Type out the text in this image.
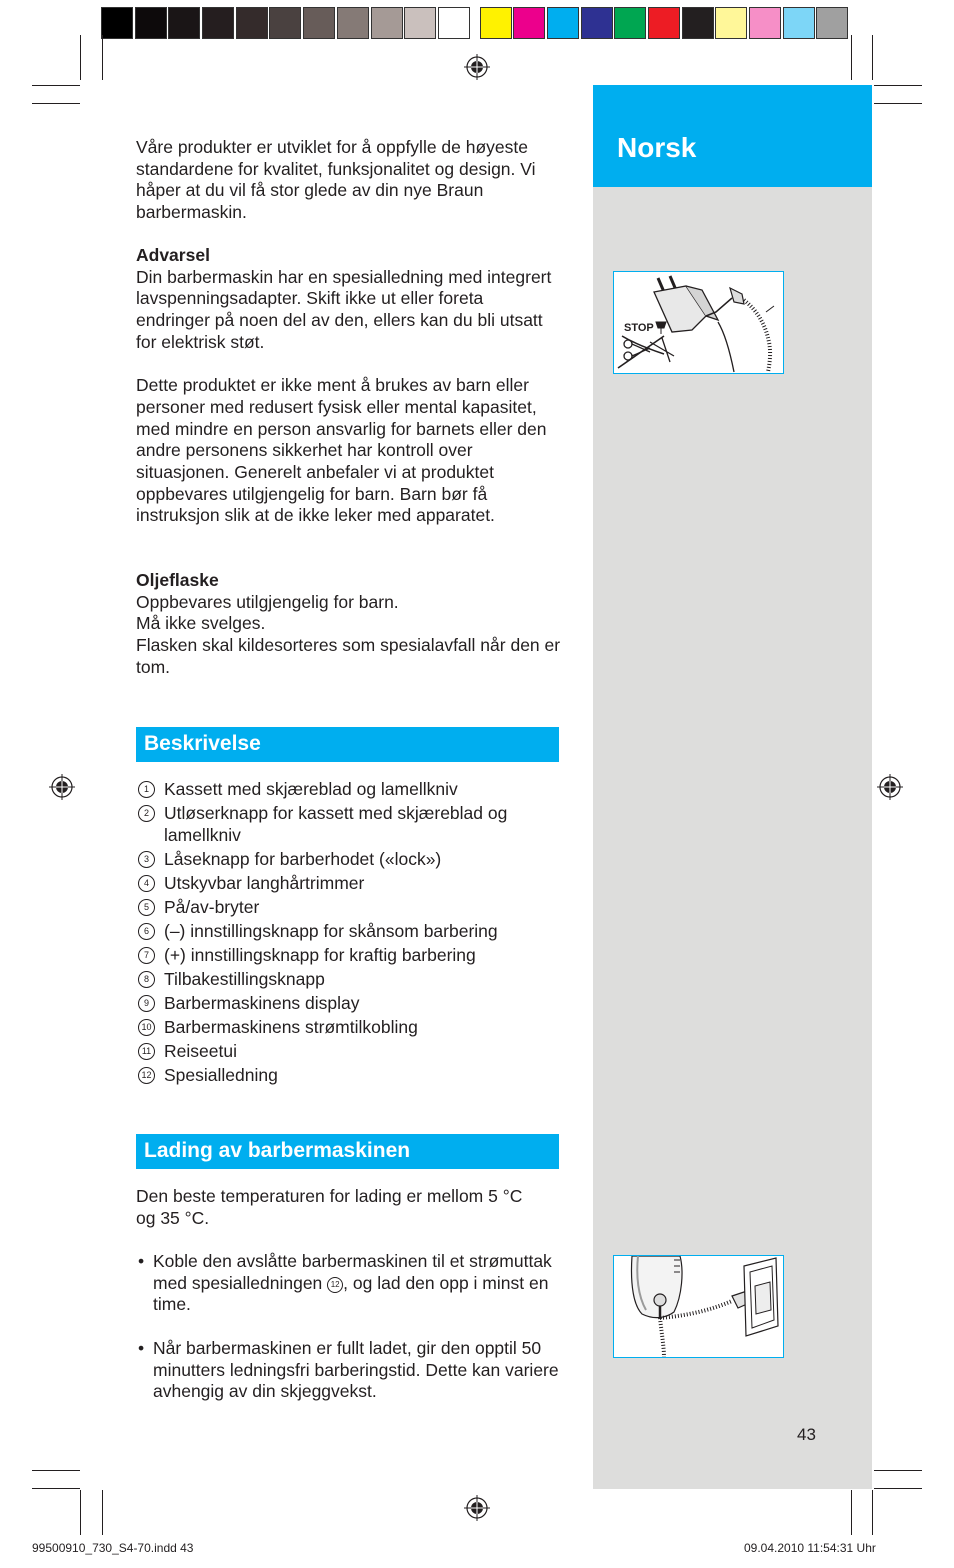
Norsk
STOP

Våre produkter er utviklet for å oppfylle de høyeste standardene for kvalitet, funksjonalitet og design. Vi håper at du vil få stor glede av din nye Braun barbermaskin.

Advarsel

Din barbermaskin har en spesialledning med integrert lavspenningsadapter. Skift ikke ut eller foreta endringer på noen del av den, ellers kan du bli utsatt for elektrisk støt.

Dette produktet er ikke ment å brukes av barn eller personer med redusert fysisk eller mental kapasitet, med mindre en person ansvarlig for barnets eller den andre personens sikkerhet har kontroll over situasjonen. Generelt anbefaler vi at produktet oppbevares utilgjengelig for barn. Barn bør få instruksjon slik at de ikke leker med apparatet.

Oljeflaske

Oppbevares utilgjengelig for barn.

Må ikke svelges.

Flasken skal kildesorteres som spesialavfall når den er tom.

Beskrivelse
1 Kassett med skjæreblad og lamellkniv
2 Utløserknapp for kassett med skjæreblad og lamellkniv
3 Låseknapp for barberhodet («lock»)
4 Utskyvbar langhårtrimmer
5 På/av-bryter
6 (–) innstillingsknapp for skånsom barbering
7 (+) innstillingsknapp for kraftig barbering
8 Tilbakestillingsknapp
9 Barbermaskinens display
10 Barbermaskinens strømtilkobling
11 Reiseetui
12 Spesialledning
Lading av barbermaskinen

Den beste temperaturen for lading er mellom 5 °C og 35 °C.

• Koble den avslåtte barbermaskinen til et strømuttak med spesialledningen 12 , og lad den opp i minst en time.
• Når barbermaskinen er fullt ladet, gir den opptil 50 minutters ledningsfri barberingstid. Dette kan variere avhengig av din skjeggvekst.
43
99500910_730_S4-70.indd 43	09.04.2010 11:54:31 Uhr
